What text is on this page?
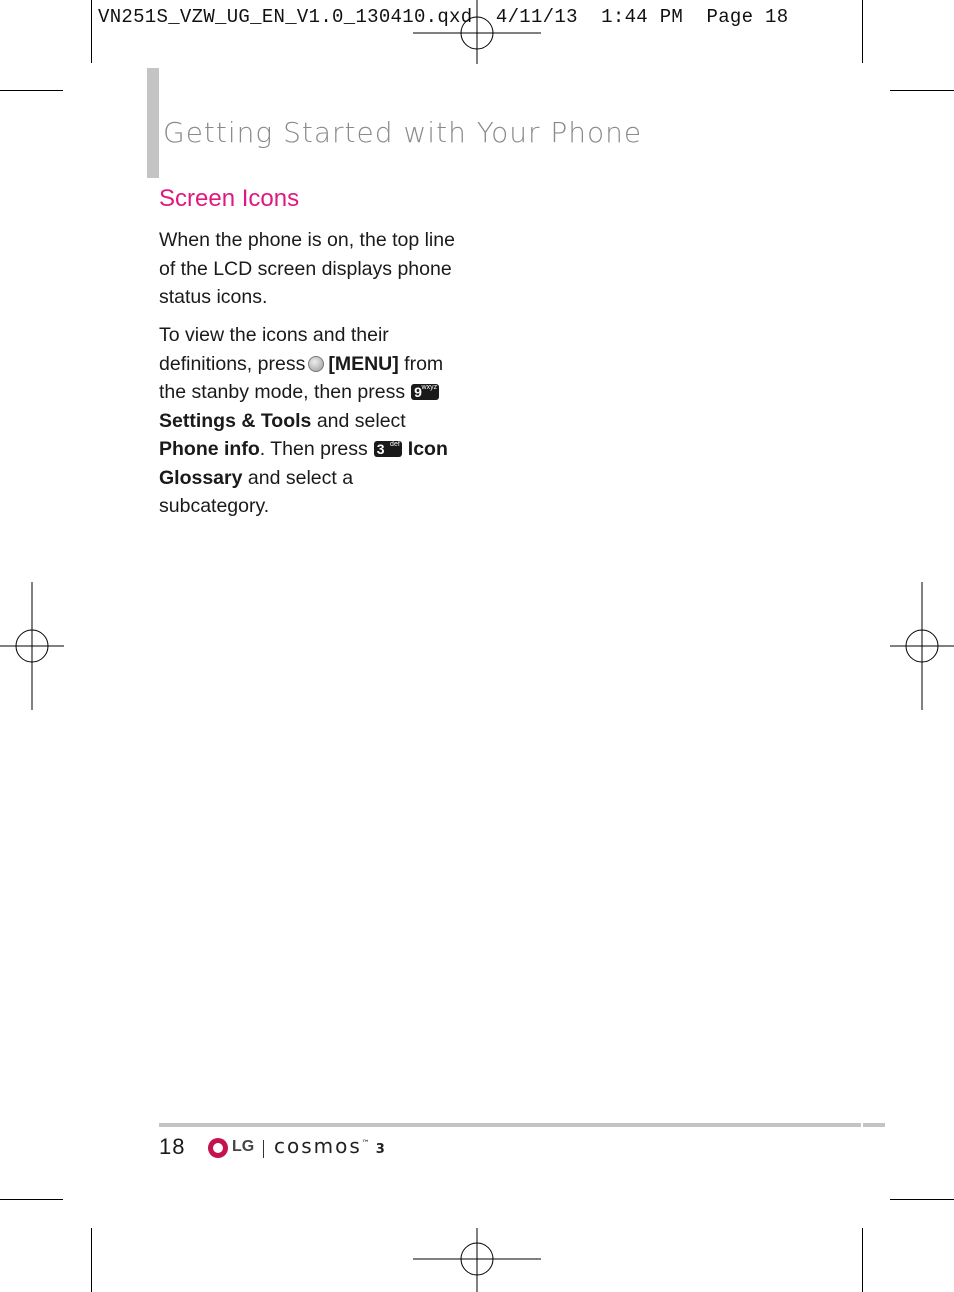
VN251S_VZW_UG_EN_V1.0_130410.qxd  4/11/13  1:44 PM  Page 18
Getting Started with Your Phone
Screen Icons
When the phone is on, the top line of the LCD screen displays phone status icons.
To view the icons and their definitions, press [MENU] from the stanby mode, then press 9 wxyz
Settings & Tools and select Phone info. Then press 3 def Icon Glossary and select a subcategory.
18	LG cosmos™ 3
